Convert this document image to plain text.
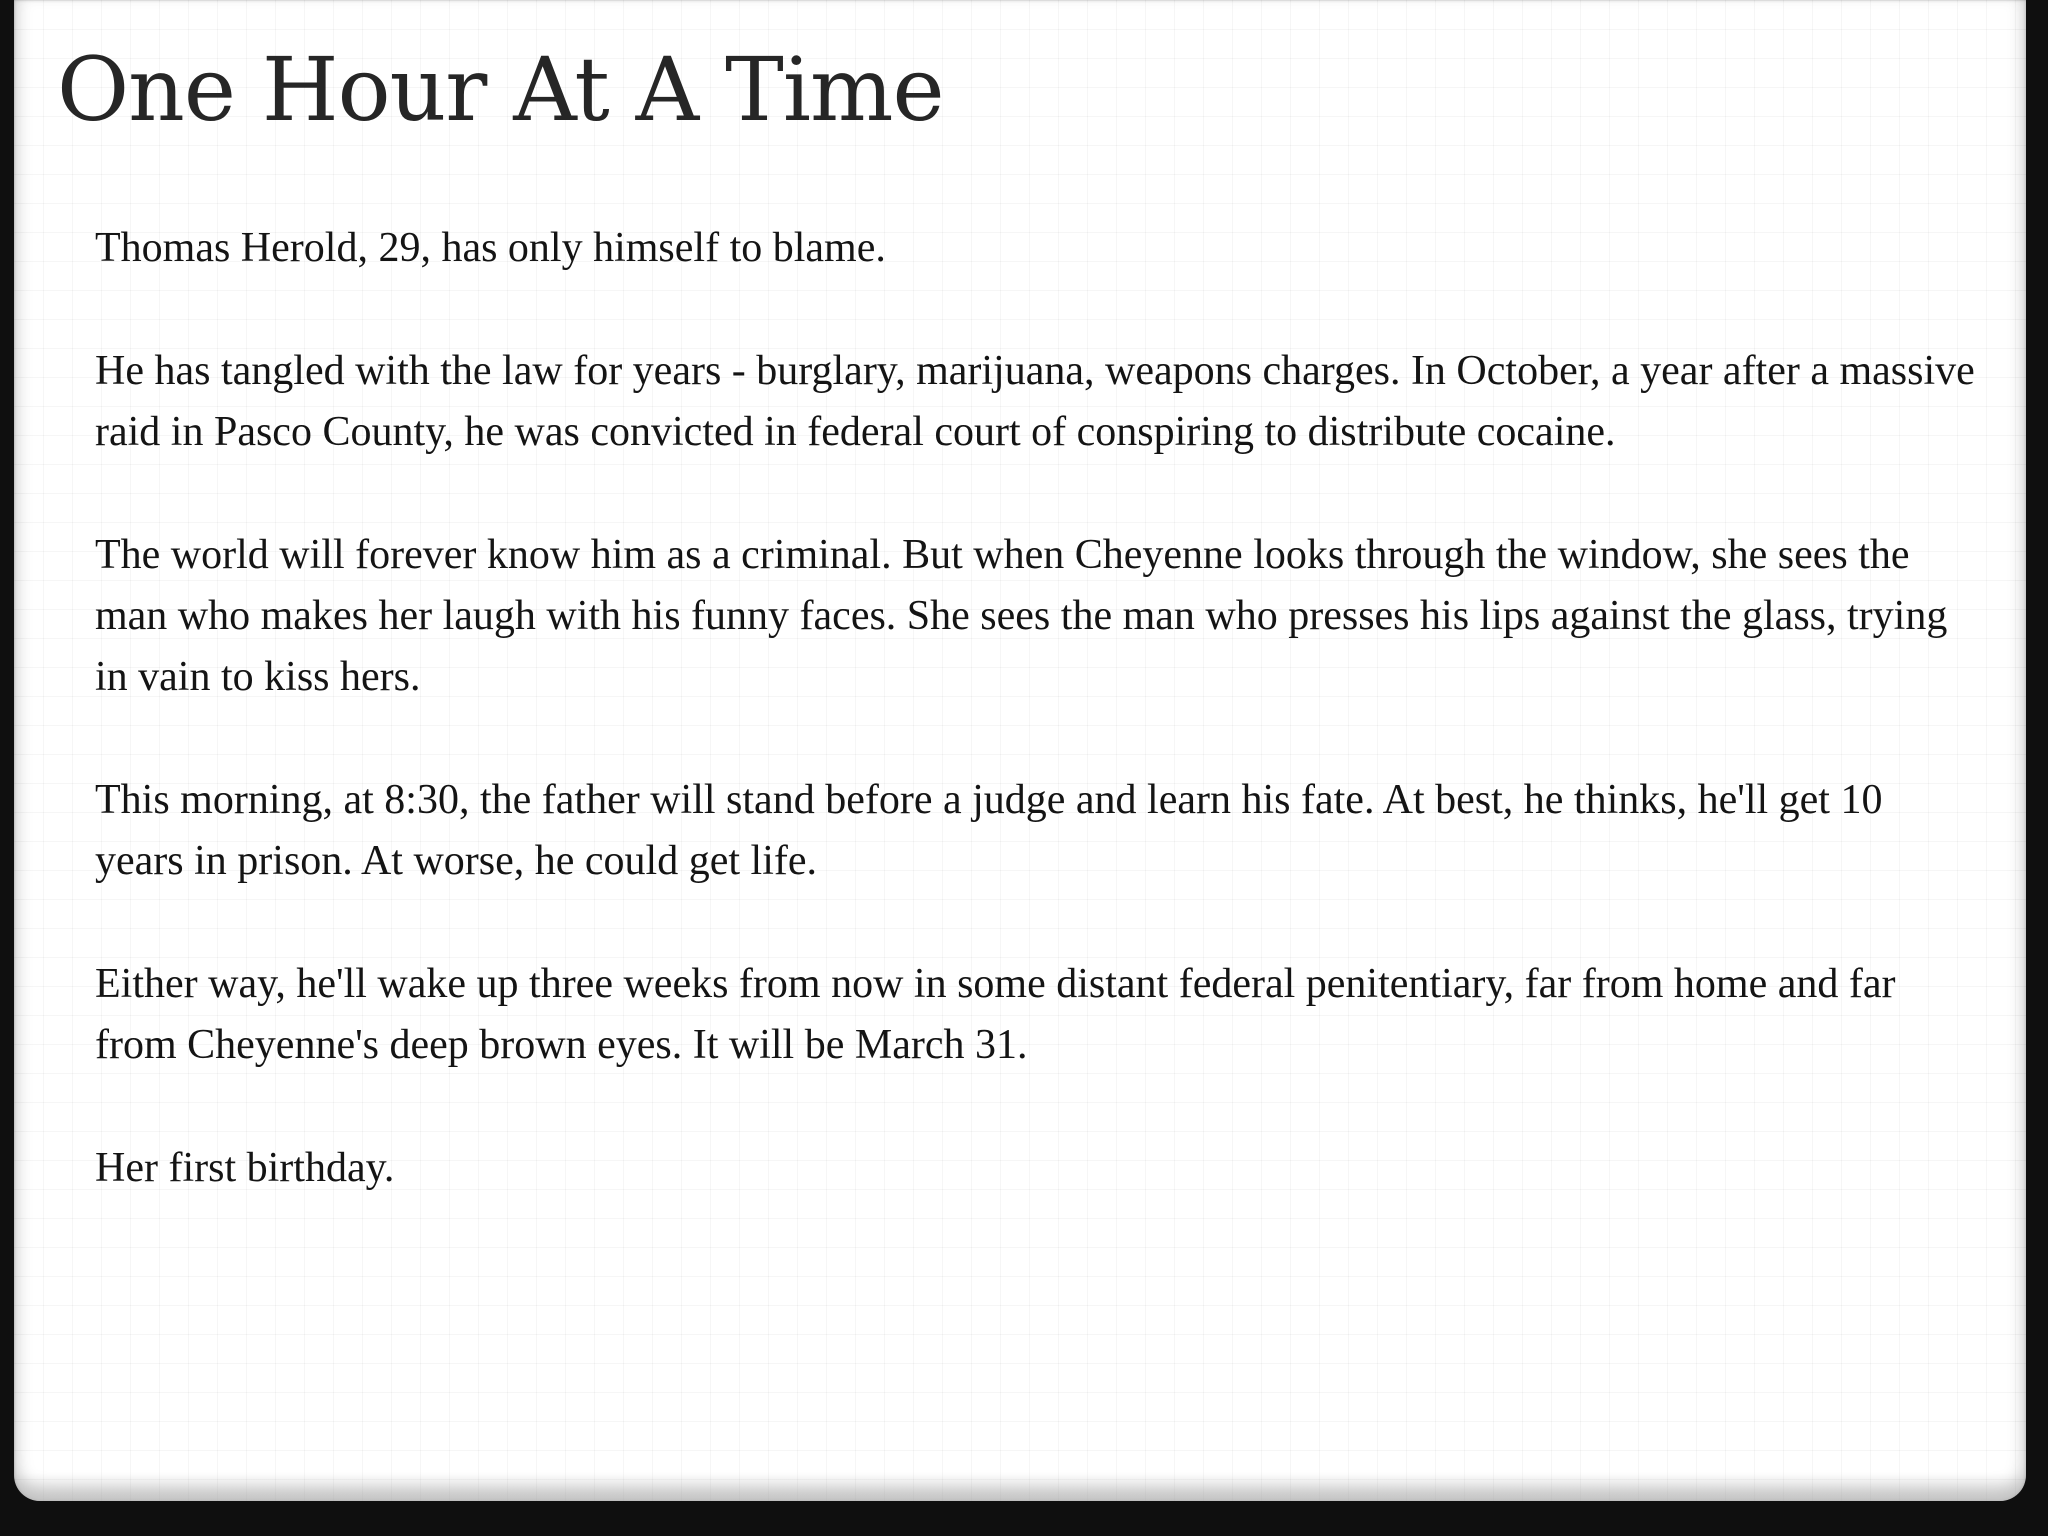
One Hour At A Time

Thomas Herold, 29, has only himself to blame.

He has tangled with the law for years - burglary, marijuana, weapons charges. In October, a year after a massive raid in Pasco County, he was convicted in federal court of conspiring to distribute cocaine.

The world will forever know him as a criminal. But when Cheyenne looks through the window, she sees the man who makes her laugh with his funny faces. She sees the man who presses his lips against the glass, trying in vain to kiss hers.

This morning, at 8:30, the father will stand before a judge and learn his fate. At best, he thinks, he'll get 10 years in prison. At worse, he could get life.

Either way, he'll wake up three weeks from now in some distant federal penitentiary, far from home and far from Cheyenne's deep brown eyes. It will be March 31.

Her first birthday.
